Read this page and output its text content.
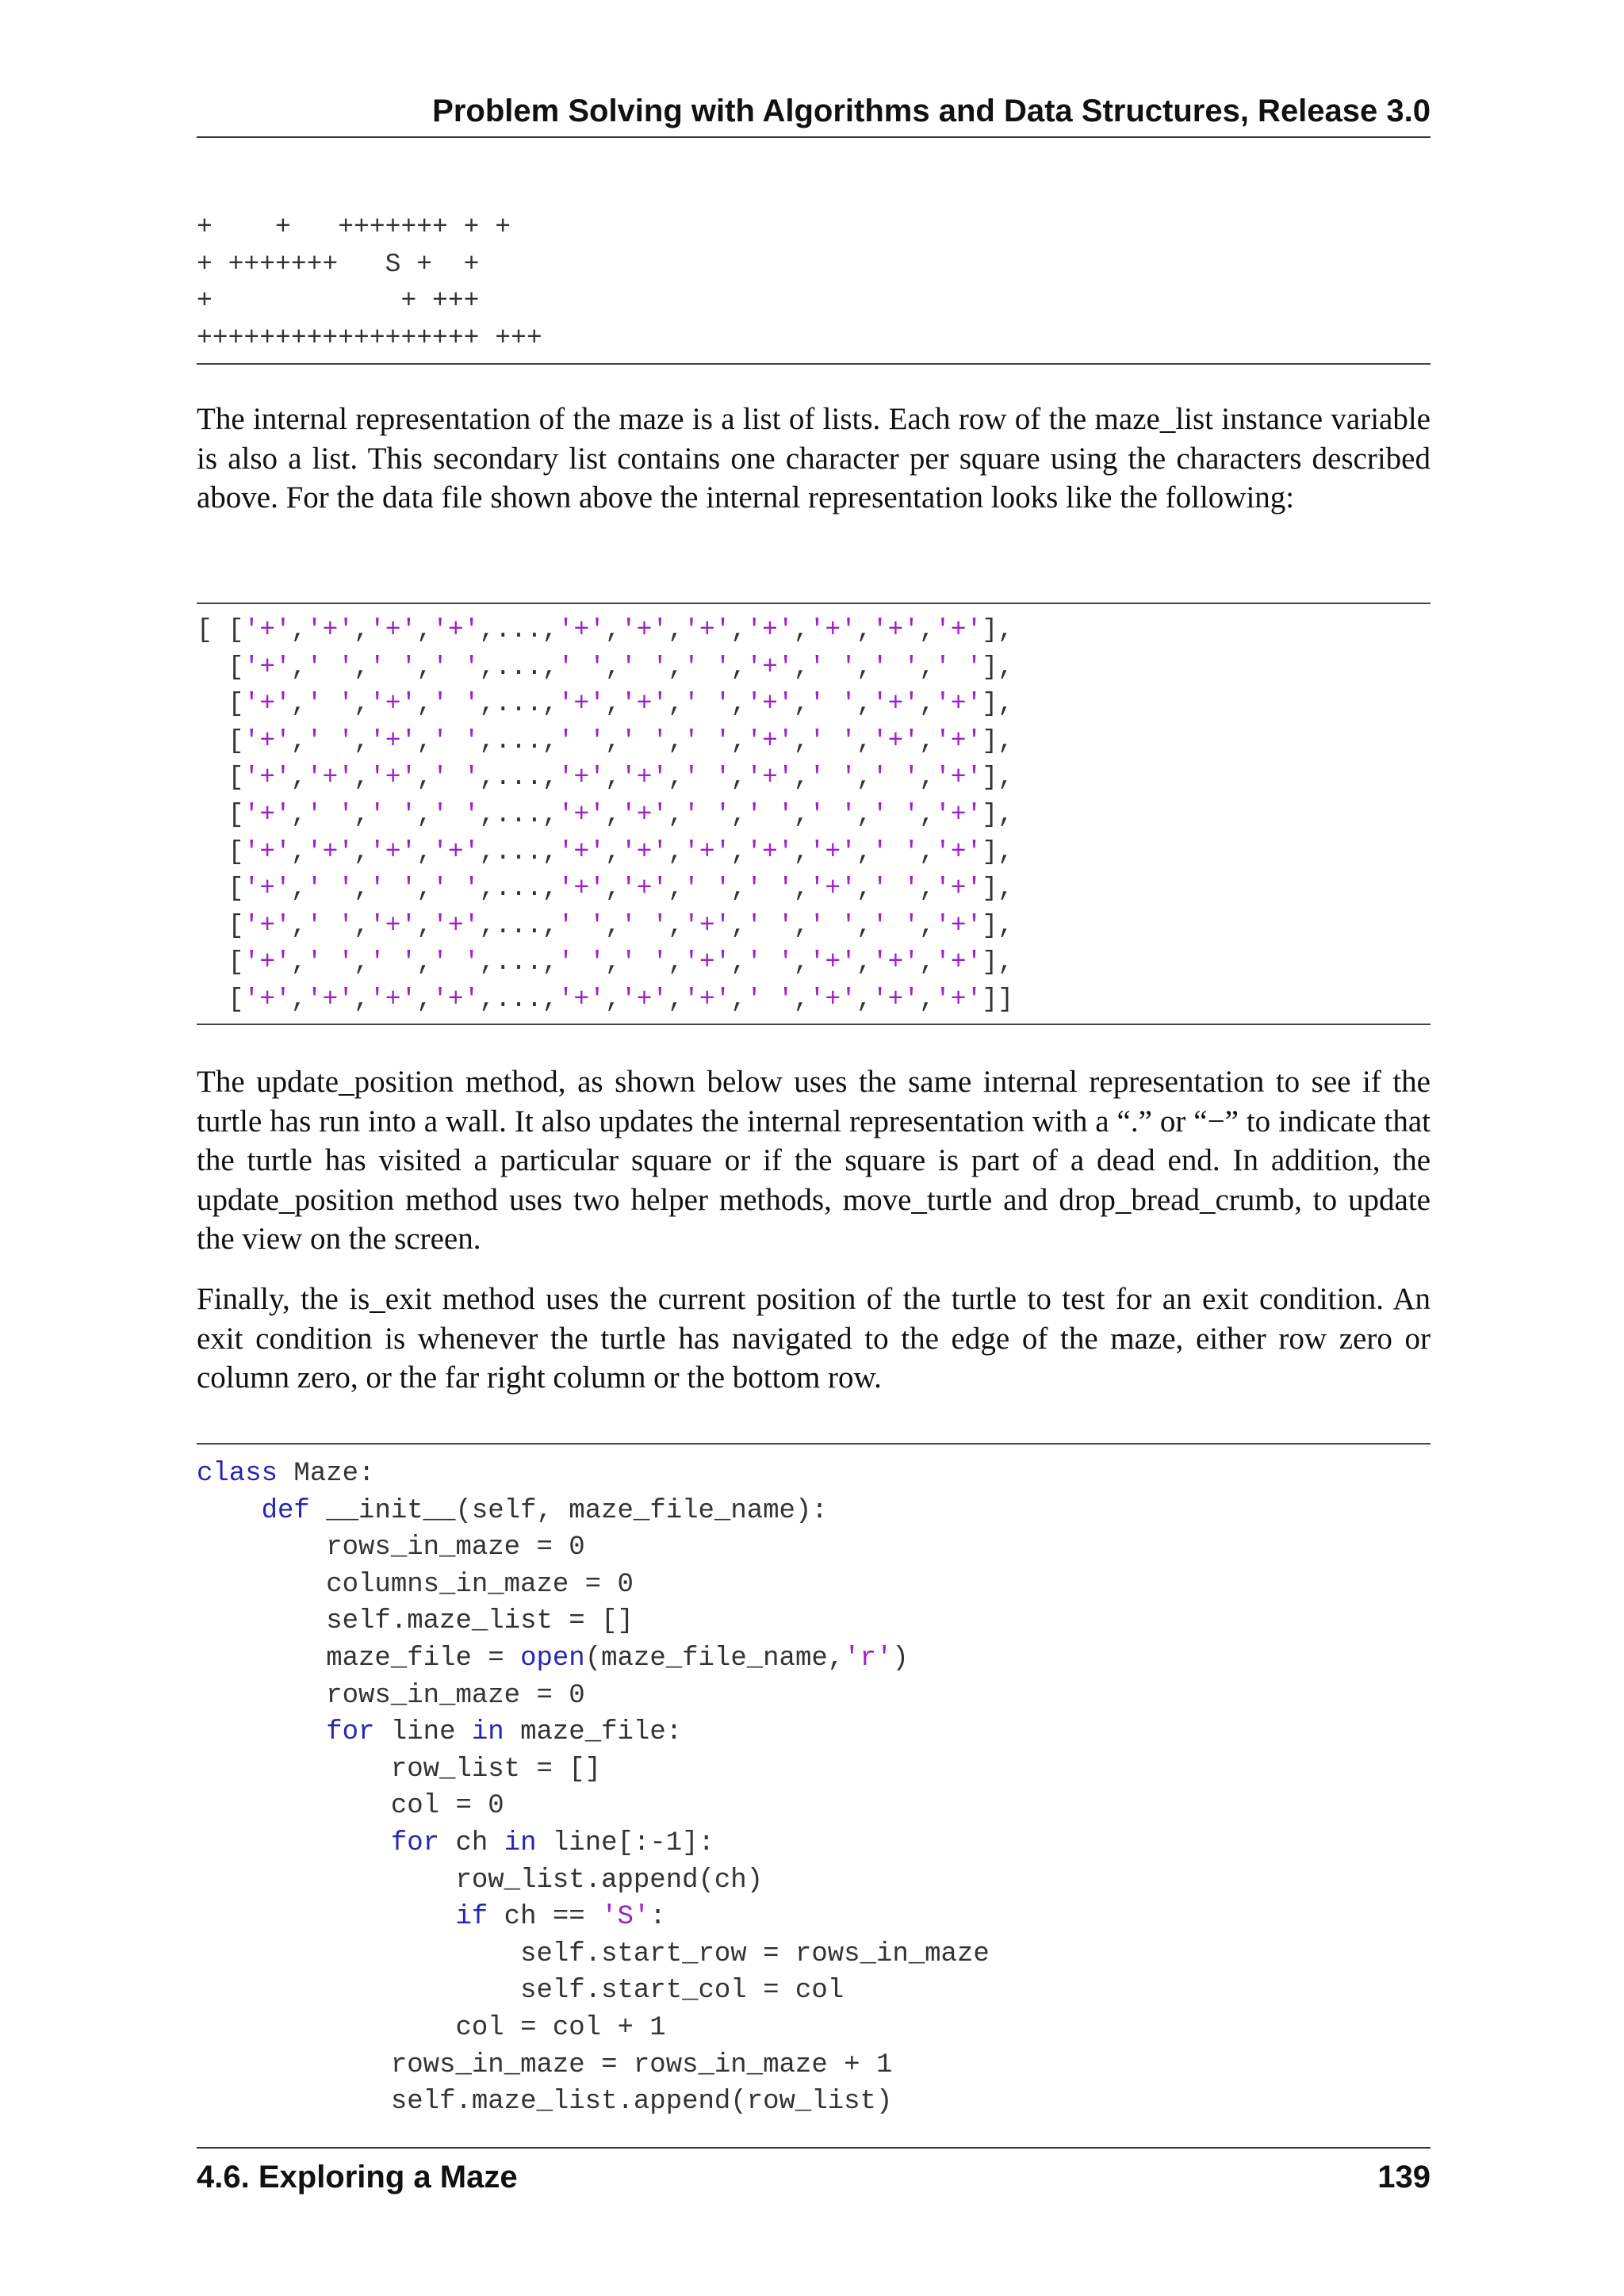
Problem Solving with Algorithms and Data Structures, Release 3.0
+    +   +++++++ + +
+ +++++++   S +  +
+            + +++
++++++++++++++++++ +++

The internal representation of the maze is a list of lists. Each row of the maze_list instance variable is also a list. This secondary list contains one character per square using the characters described above. For the data file shown above the internal representation looks like the following:

[ ['+','+','+','+',...,'+','+','+','+','+','+','+'],
['+',' ',' ',' ',...,' ',' ',' ','+',' ',' ',' '],
['+',' ','+',' ',...,'+','+',' ','+',' ','+','+'],
['+',' ','+',' ',...,' ',' ',' ','+',' ','+','+'],
['+','+','+',' ',...,'+','+',' ','+',' ',' ','+'],
['+',' ',' ',' ',...,'+','+',' ',' ',' ',' ','+'],
['+','+','+','+',...,'+','+','+','+','+',' ','+'],
['+',' ',' ',' ',...,'+','+',' ',' ','+',' ','+'],
['+',' ','+','+',...,' ',' ','+',' ',' ',' ','+'],
['+',' ',' ',' ',...,' ',' ','+',' ','+','+','+'],
['+','+','+','+',...,'+','+','+',' ','+','+','+']]

The update_position method, as shown below uses the same internal representation to see if the turtle has run into a wall. It also updates the internal representation with a “.” or “−” to indicate that the turtle has visited a particular square or if the square is part of a dead end. In addition, the update_position method uses two helper methods, move_turtle and drop_bread_crumb, to update the view on the screen.

Finally, the is_exit method uses the current position of the turtle to test for an exit condition. An exit condition is whenever the turtle has navigated to the edge of the maze, either row zero or column zero, or the far right column or the bottom row.

class Maze:
def __init__(self, maze_file_name):
rows_in_maze = 0
columns_in_maze = 0
self.maze_list = []
maze_file = open(maze_file_name,'r')
rows_in_maze = 0
for line in maze_file:
row_list = []
col = 0
for ch in line[:-1]:
row_list.append(ch)
if ch == 'S':
self.start_row = rows_in_maze
self.start_col = col
col = col + 1
rows_in_maze = rows_in_maze + 1
self.maze_list.append(row_list)
4.6. Exploring a Maze	139
